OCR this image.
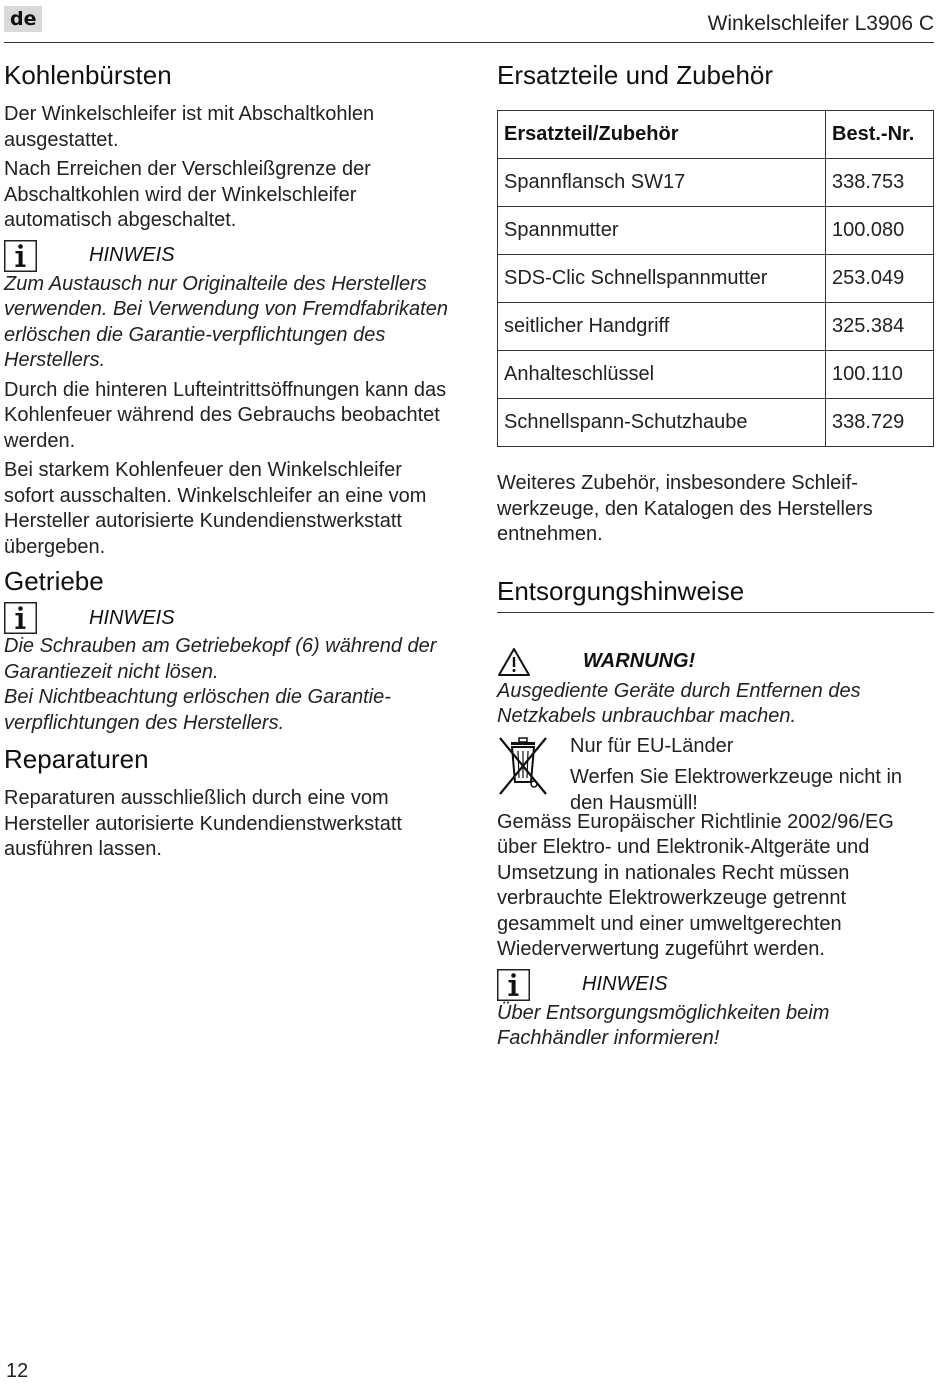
de	Winkelschleifer L3906 C
Kohlenbürsten

Der Winkelschleifer ist mit Abschaltkohlen ausgestattet.

Nach Erreichen der Verschleißgrenze der Abschaltkohlen wird der Winkelschleifer automatisch abgeschaltet.

HINWEIS

Zum Austausch nur Originalteile des Herstellers verwenden. Bei Verwendung von Fremdfabrikaten erlöschen die Garantie-verpflichtungen des Herstellers.

Durch die hinteren Lufteintrittsöffnungen kann das Kohlenfeuer während des Gebrauchs beobachtet werden.

Bei starkem Kohlenfeuer den Winkelschleifer sofort ausschalten. Winkelschleifer an eine vom Hersteller autorisierte Kundendienstwerkstatt übergeben.

Getriebe
HINWEIS

Die Schrauben am Getriebekopf (6) während der Garantiezeit nicht lösen.

Bei Nichtbeachtung erlöschen die Garantie-verpflichtungen des Herstellers.

Reparaturen

Reparaturen ausschließlich durch eine vom Hersteller autorisierte Kundendienstwerkstatt ausführen lassen.

Ersatzteile und Zubehör
Ersatzteil/Zubehör	Best.-Nr.
Spannflansch SW17	338.753
Spannmutter	100.080
SDS-Clic Schnellspannmutter	253.049
seitlicher Handgriff	325.384
Anhalteschlüssel	100.110
Schnellspann-Schutzhaube	338.729

Weiteres Zubehör, insbesondere Schleif-werkzeuge, den Katalogen des Herstellers entnehmen.

Entsorgungshinweise
WARNUNG!

Ausgediente Geräte durch Entfernen des Netzkabels unbrauchbar machen.

Nur für EU-Länder

Werfen Sie Elektrowerkzeuge nicht in den Hausmüll!

Gemäss Europäischer Richtlinie 2002/96/EG über Elektro- und Elektronik-Altgeräte und Umsetzung in nationales Recht müssen verbrauchte Elektrowerkzeuge getrennt gesammelt und einer umweltgerechten Wiederverwertung zugeführt werden.

HINWEIS

Über Entsorgungsmöglichkeiten beim Fachhändler informieren!

12
